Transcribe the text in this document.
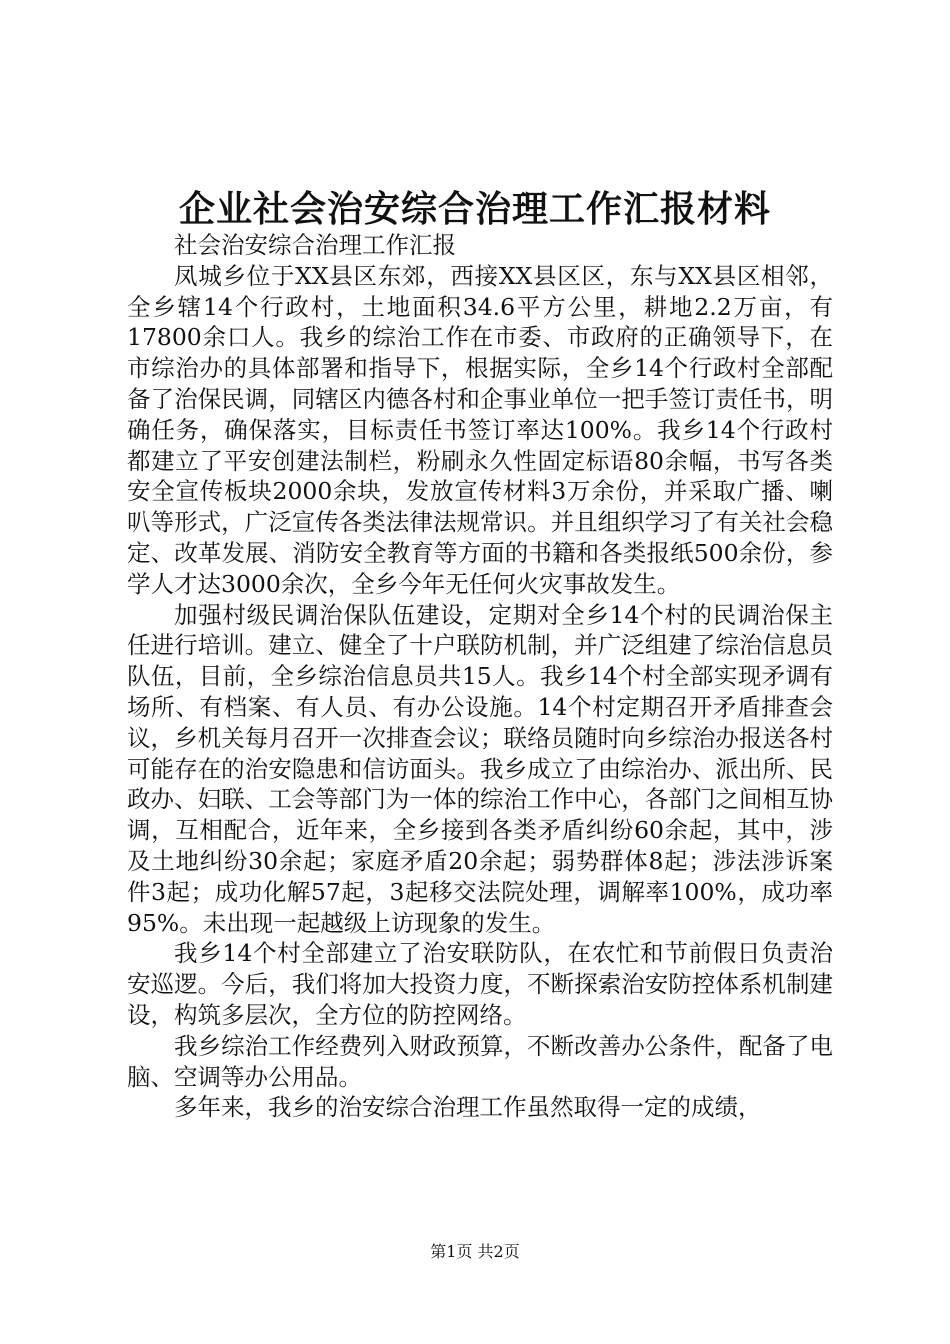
企业社会治安综合治理工作汇报材料

社会治安综合治理工作汇报

凤城乡位于XX县区东郊，西接XX县区区，东与XX县区相邻，全乡辖14个行政村，土地面积34.6平方公里，耕地2.2万亩，有17800余口人。我乡的综治工作在市委、市政府的正确领导下，在市综治办的具体部署和指导下，根据实际，全乡14个行政村全部配备了治保民调，同辖区内德各村和企事业单位一把手签订责任书，明确任务，确保落实，目标责任书签订率达100%。我乡14个行政村都建立了平安创建法制栏，粉刷永久性固定标语80余幅，书写各类安全宣传板块2000余块，发放宣传材料3万余份，并采取广播、喇叭等形式，广泛宣传各类法律法规常识。并且组织学习了有关社会稳定、改革发展、消防安全教育等方面的书籍和各类报纸500余份，参学人才达3000余次，全乡今年无任何火灾事故发生。

加强村级民调治保队伍建设，定期对全乡14个村的民调治保主任进行培训。建立、健全了十户联防机制，并广泛组建了综治信息员队伍，目前，全乡综治信息员共15人。我乡14个村全部实现矛调有场所、有档案、有人员、有办公设施。14个村定期召开矛盾排查会议，乡机关每月召开一次排查会议；联络员随时向乡综治办报送各村可能存在的治安隐患和信访面头。我乡成立了由综治办、派出所、民政办、妇联、工会等部门为一体的综治工作中心，各部门之间相互协调，互相配合，近年来，全乡接到各类矛盾纠纷60余起，其中，涉及土地纠纷30余起；家庭矛盾20余起；弱势群体8起；涉法涉诉案件3起；成功化解57起，3起移交法院处理，调解率100%，成功率95%。未出现一起越级上访现象的发生。

我乡14个村全部建立了治安联防队，在农忙和节前假日负责治安巡逻。今后，我们将加大投资力度，不断探索治安防控体系机制建设，构筑多层次，全方位的防控网络。

我乡综治工作经费列入财政预算，不断改善办公条件，配备了电脑、空调等办公用品。

多年来，我乡的治安综合治理工作虽然取得一定的成绩，

第1页 共2页
